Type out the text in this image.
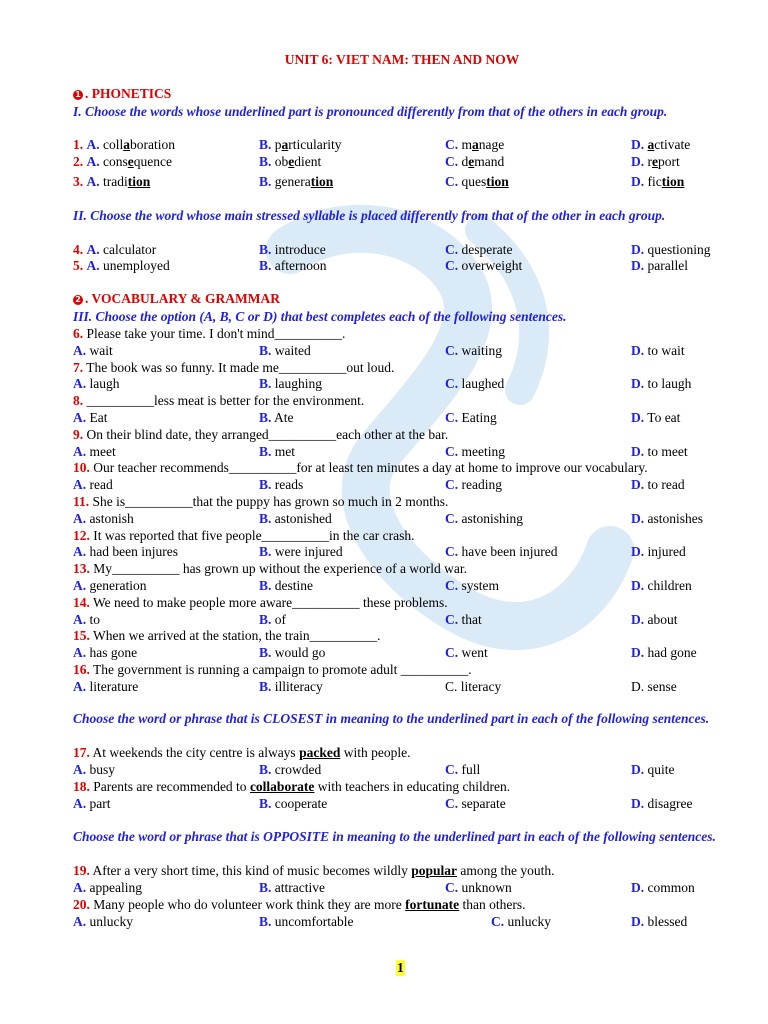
UNIT 6: VIET NAM: THEN AND NOW
1 . PHONETICS
I. Choose the words whose underlined part is pronounced differently from that of the others in each group.
1. A. collaboration	B. particularity	C. manage	D. activate
2. A. consequence	B. obedient	C. demand	D. report
3. A. tradition	B. generation	C. question	D. fiction
II. Choose the word whose main stressed syllable is placed differently from that of the other in each group.
4. A. calculator	B. introduce	C. desperate	D. questioning
5. A. unemployed	B. afternoon	C. overweight	D. parallel
2 . VOCABULARY & GRAMMAR
III. Choose the option (A, B, C or D) that best completes each of the following sentences.
6. Please take your time. I don't mind__________.
A. wait	B. waited	C. waiting	D. to wait
7. The book was so funny. It made me__________out loud.
A. laugh	B. laughing	C. laughed	D. to laugh
8. __________less meat is better for the environment.
A. Eat	B. Ate	C. Eating	D. To eat
9. On their blind date, they arranged__________each other at the bar.
A. meet	B. met	C. meeting	D. to meet
10. Our teacher recommends__________for at least ten minutes a day at home to improve our vocabulary.
A. read	B. reads	C. reading	D. to read
11. She is__________that the puppy has grown so much in 2 months.
A. astonish	B. astonished	C. astonishing	D. astonishes
12. It was reported that five people__________in the car crash.
A. had been injures	B. were injured	C. have been injured	D. injured
13. My__________ has grown up without the experience of a world war.
A. generation	B. destine	C. system	D. children
14. We need to make people more aware__________ these problems.
A. to	B. of	C. that	D. about
15. When we arrived at the station, the train__________.
A. has gone	B. would go	C. went	D. had gone
16. The government is running a campaign to promote adult __________.
A. literature	B. illiteracy	C. literacy	D. sense
Choose the word or phrase that is CLOSEST in meaning to the underlined part in each of the following sentences.
17. At weekends the city centre is always packed with people.
A. busy	B. crowded	C. full	D. quite
18. Parents are recommended to collaborate with teachers in educating children.
A. part	B. cooperate	C. separate	D. disagree
Choose the word or phrase that is OPPOSITE in meaning to the underlined part in each of the following sentences.
19. After a very short time, this kind of music becomes wildly popular among the youth.
A. appealing	B. attractive	C. unknown	D. common
20. Many people who do volunteer work think they are more fortunate than others.
A. unlucky	B. uncomfortable	C. unlucky	D. blessed
1
